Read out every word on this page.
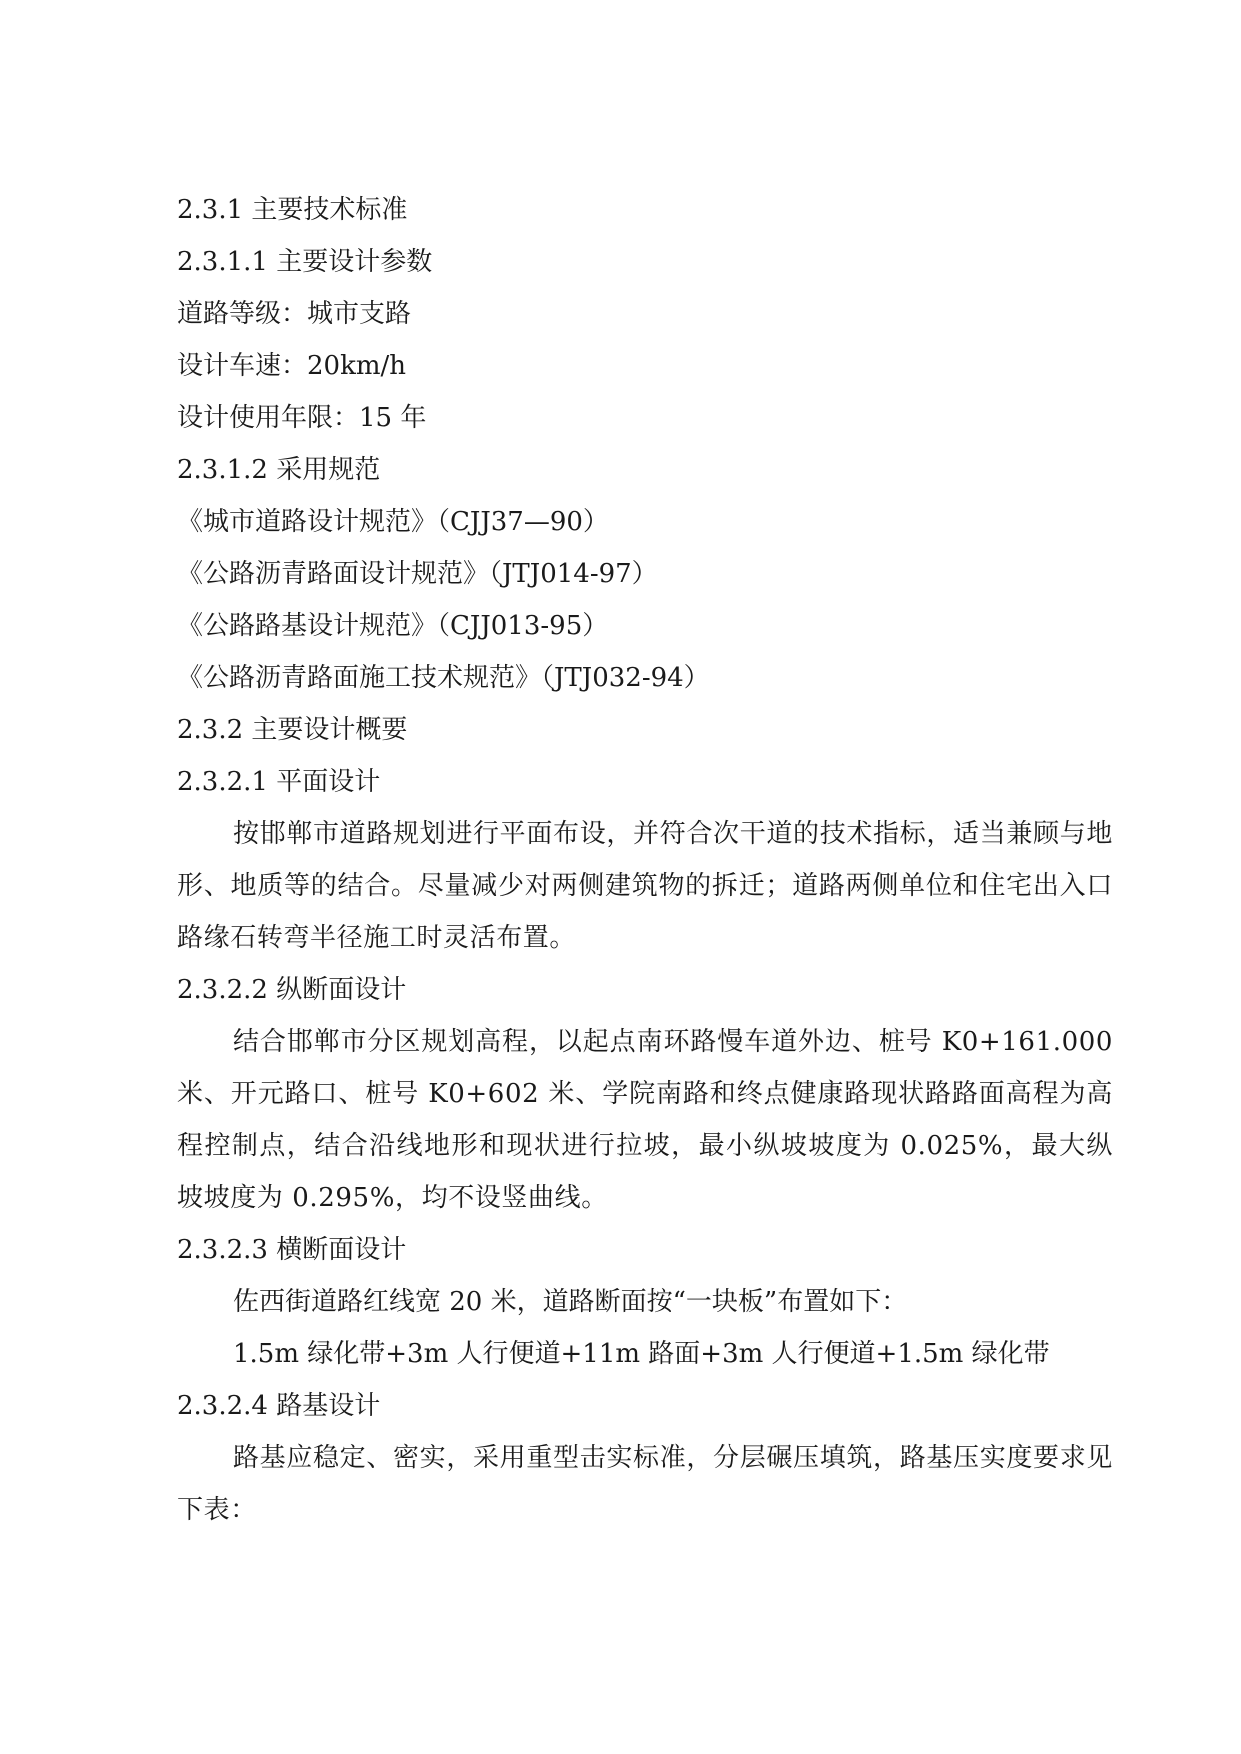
2.3.1 主要技术标准

2.3.1.1 主要设计参数

道路等级：城市支路

设计车速：20km/h

设计使用年限：15 年

2.3.1.2 采用规范

《城市道路设计规范》（CJJ37—90）

《公路沥青路面设计规范》（JTJ014-97）

《公路路基设计规范》（CJJ013-95）

《公路沥青路面施工技术规范》（JTJ032-94）

2.3.2 主要设计概要

2.3.2.1 平面设计

按邯郸市道路规划进行平面布设，并符合次干道的技术指标，适当兼顾与地形、地质等的结合。尽量减少对两侧建筑物的拆迁；道路两侧单位和住宅出入口路缘石转弯半径施工时灵活布置。

2.3.2.2 纵断面设计

结合邯郸市分区规划高程，以起点南环路慢车道外边、桩号 K0+161.000 米、开元路口、桩号 K0+602 米、学院南路和终点健康路现状路路面高程为高程控制点，结合沿线地形和现状进行拉坡，最小纵坡坡度为 0.025%，最大纵坡坡度为 0.295%，均不设竖曲线。

2.3.2.3 横断面设计

佐西街道路红线宽 20 米，道路断面按“一块板”布置如下：

1.5m 绿化带+3m 人行便道+11m 路面+3m 人行便道+1.5m 绿化带

2.3.2.4 路基设计

路基应稳定、密实，采用重型击实标准，分层碾压填筑，路基压实度要求见下表：
